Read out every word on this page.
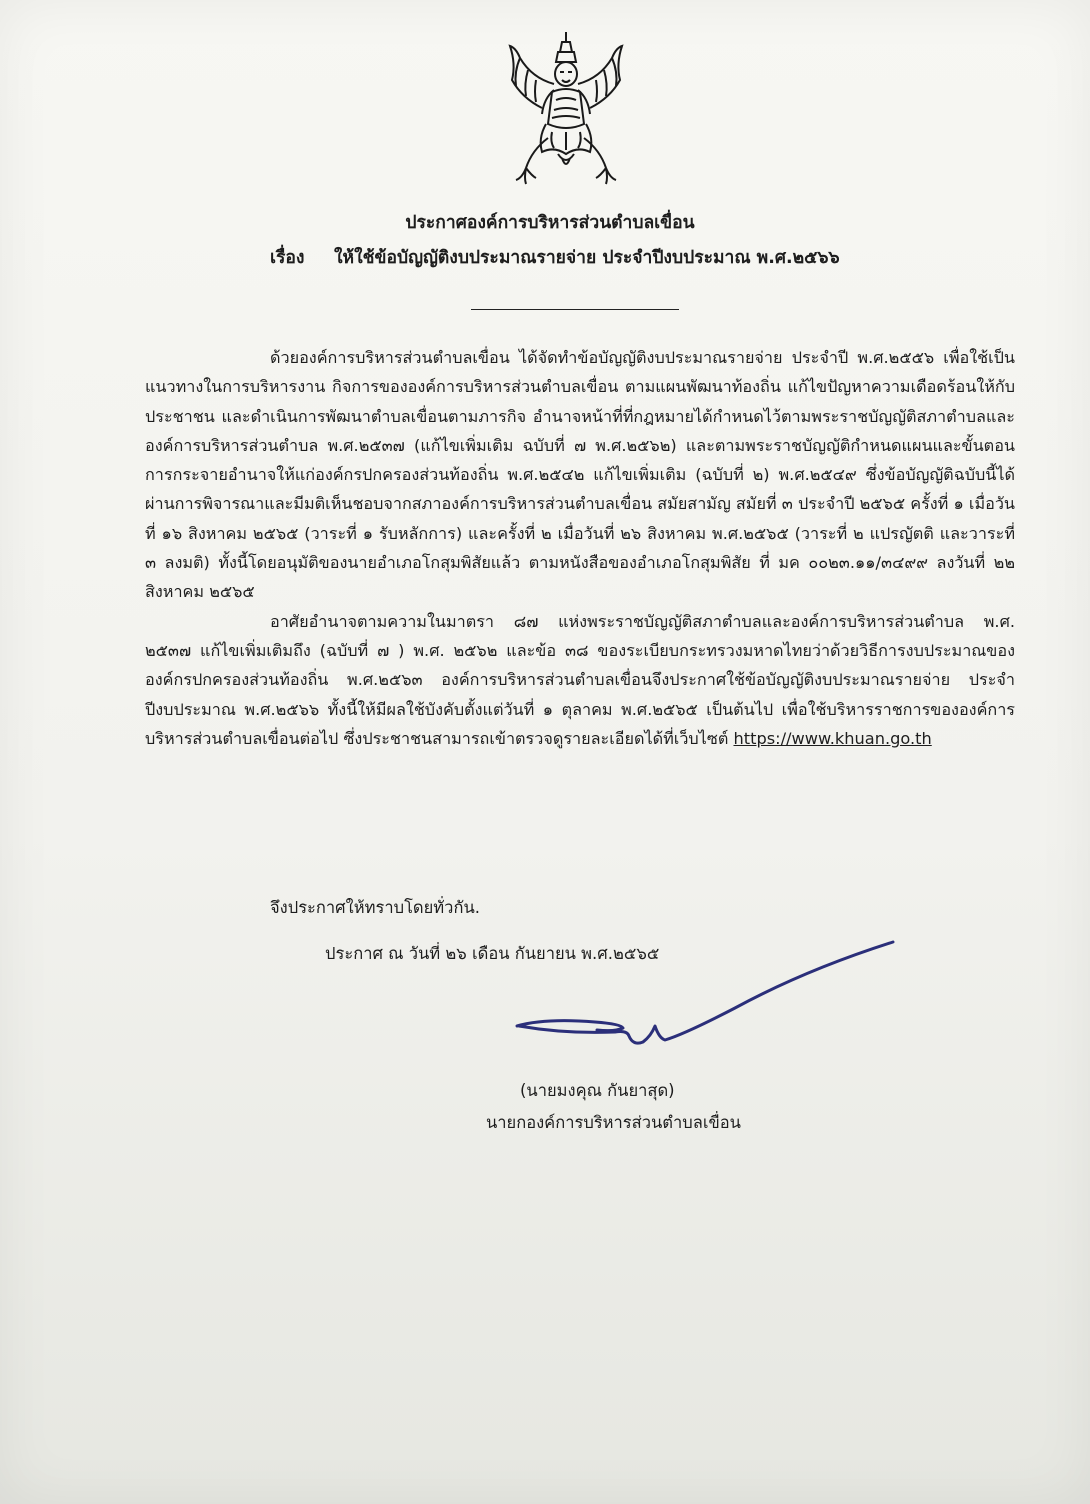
ประกาศองค์การบริหารส่วนตำบลเขื่อน
เรื่อง ให้ใช้ข้อบัญญัติงบประมาณรายจ่าย ประจำปีงบประมาณ พ.ศ.๒๕๖๖

ด้วยองค์การบริหารส่วนตำบลเขื่อน ได้จัดทำข้อบัญญัติงบประมาณรายจ่าย ประจำปี พ.ศ.๒๕๕๖ เพื่อใช้เป็นแนวทางในการบริหารงาน กิจการขององค์การบริหารส่วนตำบลเขื่อน ตามแผนพัฒนาท้องถิ่น แก้ไขปัญหาความเดือดร้อนให้กับประชาชน และดำเนินการพัฒนาตำบลเขื่อนตามภารกิจ อำนาจหน้าที่ที่กฎหมายได้กำหนดไว้ตามพระราชบัญญัติสภาตำบลและองค์การบริหารส่วนตำบล พ.ศ.๒๕๓๗ (แก้ไขเพิ่มเติม ฉบับที่ ๗ พ.ศ.๒๕๖๒) และตามพระราชบัญญัติกำหนดแผนและขั้นตอนการกระจายอำนาจให้แก่องค์กรปกครองส่วนท้องถิ่น พ.ศ.๒๕๔๒ แก้ไขเพิ่มเติม (ฉบับที่ ๒) พ.ศ.๒๕๔๙ ซึ่งข้อบัญญัติฉบับนี้ได้ผ่านการพิจารณาและมีมติเห็นชอบจากสภาองค์การบริหารส่วนตำบลเขื่อน สมัยสามัญ สมัยที่ ๓ ประจำปี ๒๕๖๕ ครั้งที่ ๑ เมื่อวันที่ ๑๖ สิงหาคม ๒๕๖๕ (วาระที่ ๑ รับหลักการ) และครั้งที่ ๒ เมื่อวันที่ ๒๖ สิงหาคม พ.ศ.๒๕๖๕ (วาระที่ ๒ แปรญัตติ และวาระที่ ๓ ลงมติ) ทั้งนี้โดยอนุมัติของนายอำเภอโกสุมพิสัยแล้ว ตามหนังสือของอำเภอโกสุมพิสัย ที่ มค ๐๐๒๓.๑๑/๓๔๙๙ ลงวันที่ ๒๒ สิงหาคม ๒๕๖๕

อาศัยอำนาจตามความในมาตรา ๘๗ แห่งพระราชบัญญัติสภาตำบลและองค์การบริหารส่วนตำบล พ.ศ. ๒๕๓๗ แก้ไขเพิ่มเติมถึง (ฉบับที่ ๗ ) พ.ศ. ๒๕๖๒ และข้อ ๓๘ ของระเบียบกระทรวงมหาดไทยว่าด้วยวิธีการงบประมาณขององค์กรปกครองส่วนท้องถิ่น พ.ศ.๒๕๖๓ องค์การบริหารส่วนตำบลเขื่อนจึงประกาศใช้ข้อบัญญัติงบประมาณรายจ่าย ประจำปีงบประมาณ พ.ศ.๒๕๖๖ ทั้งนี้ให้มีผลใช้บังคับตั้งแต่วันที่ ๑ ตุลาคม พ.ศ.๒๕๖๕ เป็นต้นไป เพื่อใช้บริหารราชการขององค์การบริหารส่วนตำบลเขื่อนต่อไป ซึ่งประชาชนสามารถเข้าตรวจดูรายละเอียดได้ที่เว็บไซต์ https://www.khuan.go.th

จึงประกาศให้ทราบโดยทั่วกัน.
ประกาศ ณ วันที่ ๒๖ เดือน กันยายน พ.ศ.๒๕๖๕
(นายมงคุณ กันยาสุด)
นายกองค์การบริหารส่วนตำบลเขื่อน
